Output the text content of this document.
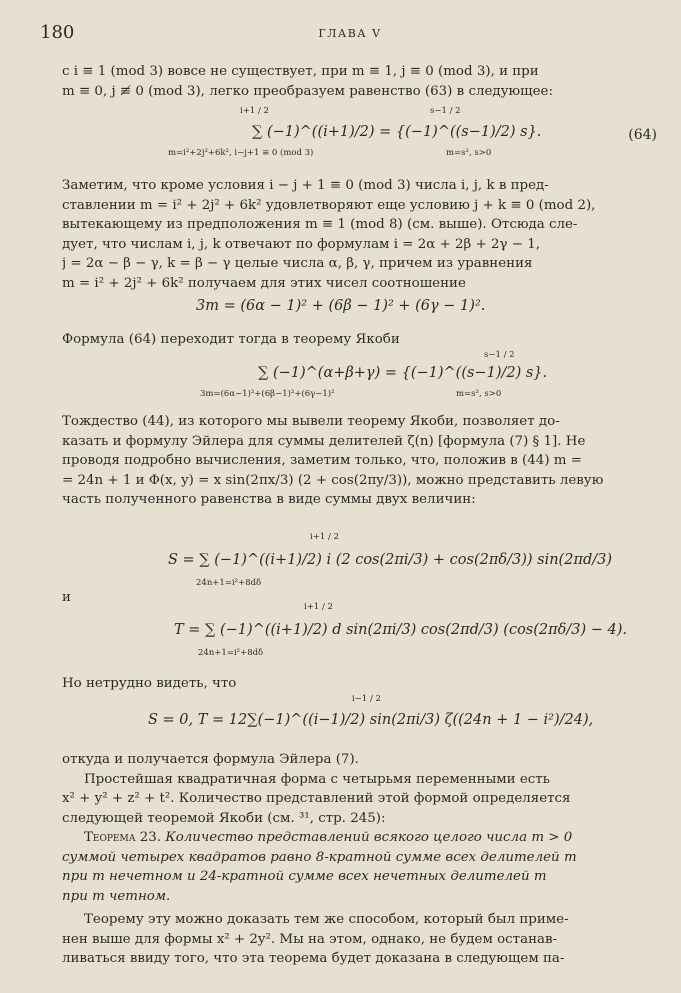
180	ГЛАВА V
с i ≡ 1 (mod 3) вовсе не существует, при m ≡ 1, j ≡ 0 (mod 3), и при
m ≡ 0, j ≢ 0 (mod 3), легко преобразуем равенство (63) в следующее:
i+1 / 2	s−1 / 2
∑ (−1)^((i+1)/2) = {(−1)^((s−1)/2) s}.
m=i²+2j²+6k², i−j+1 ≡ 0 (mod 3)	m=s², s>0
(64)
Заметим, что кроме условия i − j + 1 ≡ 0 (mod 3) числа i, j, k в пред-
ставлении m = i² + 2j² + 6k² удовлетворяют еще условию j + k ≡ 0 (mod 2),
вытекающему из предположения m ≡ 1 (mod 8) (см. выше). Отсюда сле-
дует, что числам i, j, k отвечают по формулам i = 2α + 2β + 2γ − 1,
j = 2α − β − γ, k = β − γ целые числа α, β, γ, причем из уравнения
m = i² + 2j² + 6k² получаем для этих чисел соотношение
3m = (6α − 1)² + (6β − 1)² + (6γ − 1)².
Формула (64) переходит тогда в теорему Якоби
s−1 / 2
∑ (−1)^(α+β+γ) = {(−1)^((s−1)/2) s}.
3m=(6α−1)²+(6β−1)²+(6γ−1)²	m=s², s>0
Тождество (44), из которого мы вывели теорему Якоби, позволяет до-
казать и формулу Эйлера для суммы делителей ζ(n) [формула (7) § 1]. Не
проводя подробно вычисления, заметим только, что, положив в (44) m =
= 24n + 1 и Φ(x, y) = x sin(2πx/3) (2 + cos(2πy/3)), можно представить левую
часть полученного равенства в виде суммы двух величин:
i+1 / 2
S = ∑ (−1)^((i+1)/2) i (2 cos(2πi/3) + cos(2πδ/3)) sin(2πd/3)
24n+1=i²+8dδ
и
i+1 / 2
T = ∑ (−1)^((i+1)/2) d sin(2πi/3) cos(2πd/3) (cos(2πδ/3) − 4).
24n+1=i²+8dδ
Но нетрудно видеть, что
i−1 / 2
S = 0, T = 12∑(−1)^((i−1)/2) sin(2πi/3) ζ((24n + 1 − i²)/24),
откуда и получается формула Эйлера (7).
Простейшая квадратичная форма с четырьмя переменными есть
x² + y² + z² + t². Количество представлений этой формой определяется
следующей теоремой Якоби (см. ³¹, стр. 245):
Теорема 23. Количество представлений всякого целого числа m > 0
суммой четырех квадратов равно 8-кратной сумме всех делителей m
при m нечетном и 24-кратной сумме всех нечетных делителей m
при m четном.
Теорему эту можно доказать тем же способом, который был приме-
нен выше для формы x² + 2y². Мы на этом, однако, не будем останав-
ливаться ввиду того, что эта теорема будет доказана в следующем па-
